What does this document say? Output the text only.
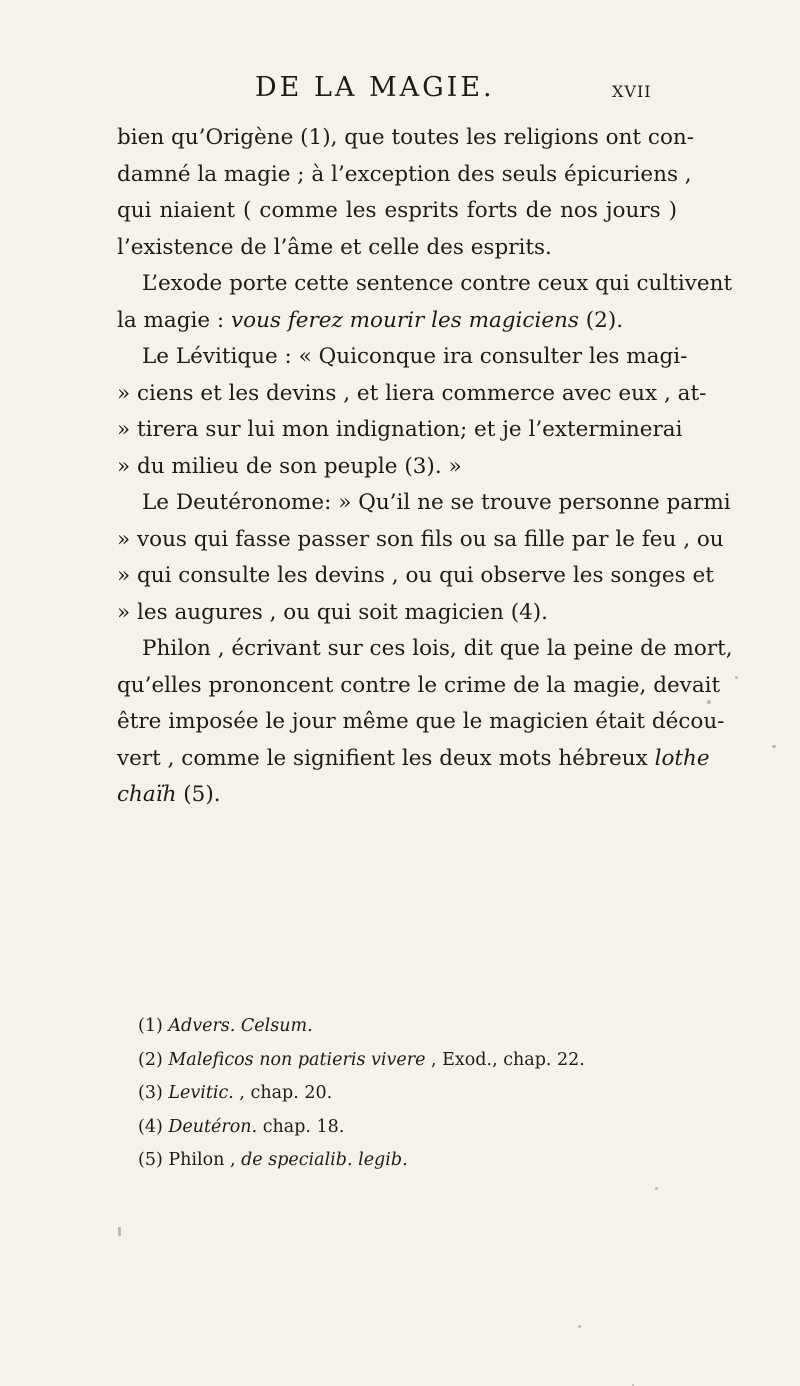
DE LA MAGIE.	XVII

bien qu’Origène (1), que toutes les religions ont con-
damné la magie ; à l’exception des seuls épicuriens ,
qui niaient ( comme les esprits forts de nos jours )
l’existence de l’âme et celle des esprits.

L’exode porte cette sentence contre ceux qui cultivent
la magie : vous ferez mourir les magiciens (2).

Le Lévitique : « Quiconque ira consulter les magi-
» ciens et les devins , et liera commerce avec eux , at-
» tirera sur lui mon indignation; et je l’exterminerai
» du milieu de son peuple (3). »

Le Deutéronome: » Qu’il ne se trouve personne parmi
» vous qui fasse passer son fils ou sa fille par le feu , ou
» qui consulte les devins , ou qui observe les songes et
» les augures , ou qui soit magicien (4).

Philon , écrivant sur ces lois, dit que la peine de mort,
qu’elles prononcent contre le crime de la magie, devait
être imposée le jour même que le magicien était décou-
vert , comme le signifient les deux mots hébreux lothe
chaïh (5).

(1) Advers. Celsum.
(2) Maleficos non patieris vivere , Exod., chap. 22.
(3) Levitic. , chap. 20.
(4) Deutéron. chap. 18.
(5) Philon , de specialib. legib.
